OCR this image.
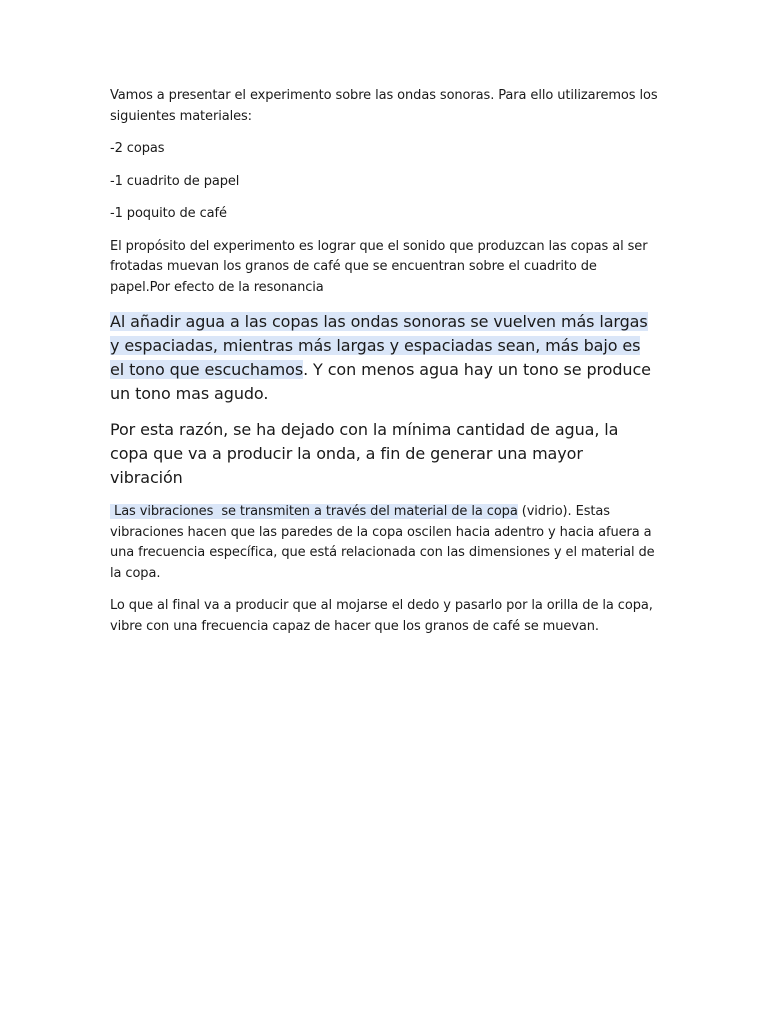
Vamos a presentar el experimento sobre las ondas sonoras. Para ello utilizaremos los siguientes materiales:

-2 copas

-1 cuadrito de papel

-1 poquito de café

El propósito del experimento es lograr que el sonido que produzcan las copas al ser frotadas muevan los granos de café que se encuentran sobre el cuadrito de papel.Por efecto de la resonancia

Al añadir agua a las copas las ondas sonoras se vuelven más largas y espaciadas, mientras más largas y espaciadas sean, más bajo es el tono que escuchamos. Y con menos agua hay un tono se produce un tono mas agudo.

Por esta razón, se ha dejado con la mínima cantidad de agua, la copa que va a producir la onda, a fin de generar una mayor vibración

Las vibraciones  se transmiten a través del material de la copa (vidrio). Estas vibraciones hacen que las paredes de la copa oscilen hacia adentro y hacia afuera a una frecuencia específica, que está relacionada con las dimensiones y el material de la copa.

Lo que al final va a producir que al mojarse el dedo y pasarlo por la orilla de la copa, vibre con una frecuencia capaz de hacer que los granos de café se muevan.
